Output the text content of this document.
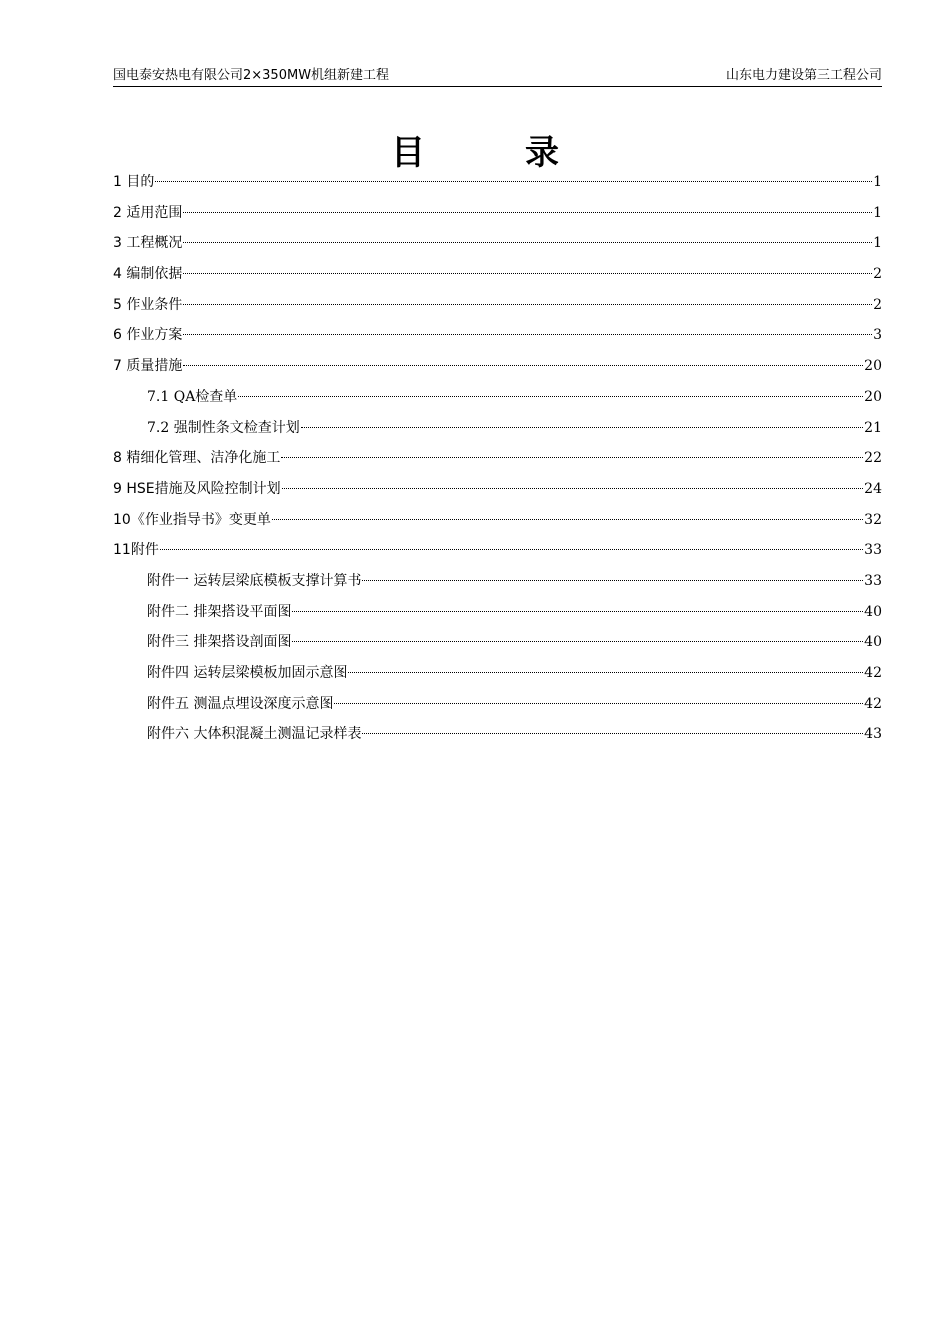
国电泰安热电有限公司2×350MW机组新建工程	山东电力建设第三工程公司
目录
1 目的	1
2 适用范围	1
3 工程概况	1
4 编制依据	2
5 作业条件	2
6 作业方案	3
7 质量措施	20
7.1 QA检查单	20
7.2 强制性条文检查计划	21
8 精细化管理、洁净化施工	22
9 HSE措施及风险控制计划	24
10《作业指导书》变更单	32
11附件	33
附件一 运转层梁底模板支撑计算书	33
附件二 排架搭设平面图	40
附件三 排架搭设剖面图	40
附件四 运转层梁模板加固示意图	42
附件五 测温点埋设深度示意图	42
附件六 大体积混凝土测温记录样表	43
